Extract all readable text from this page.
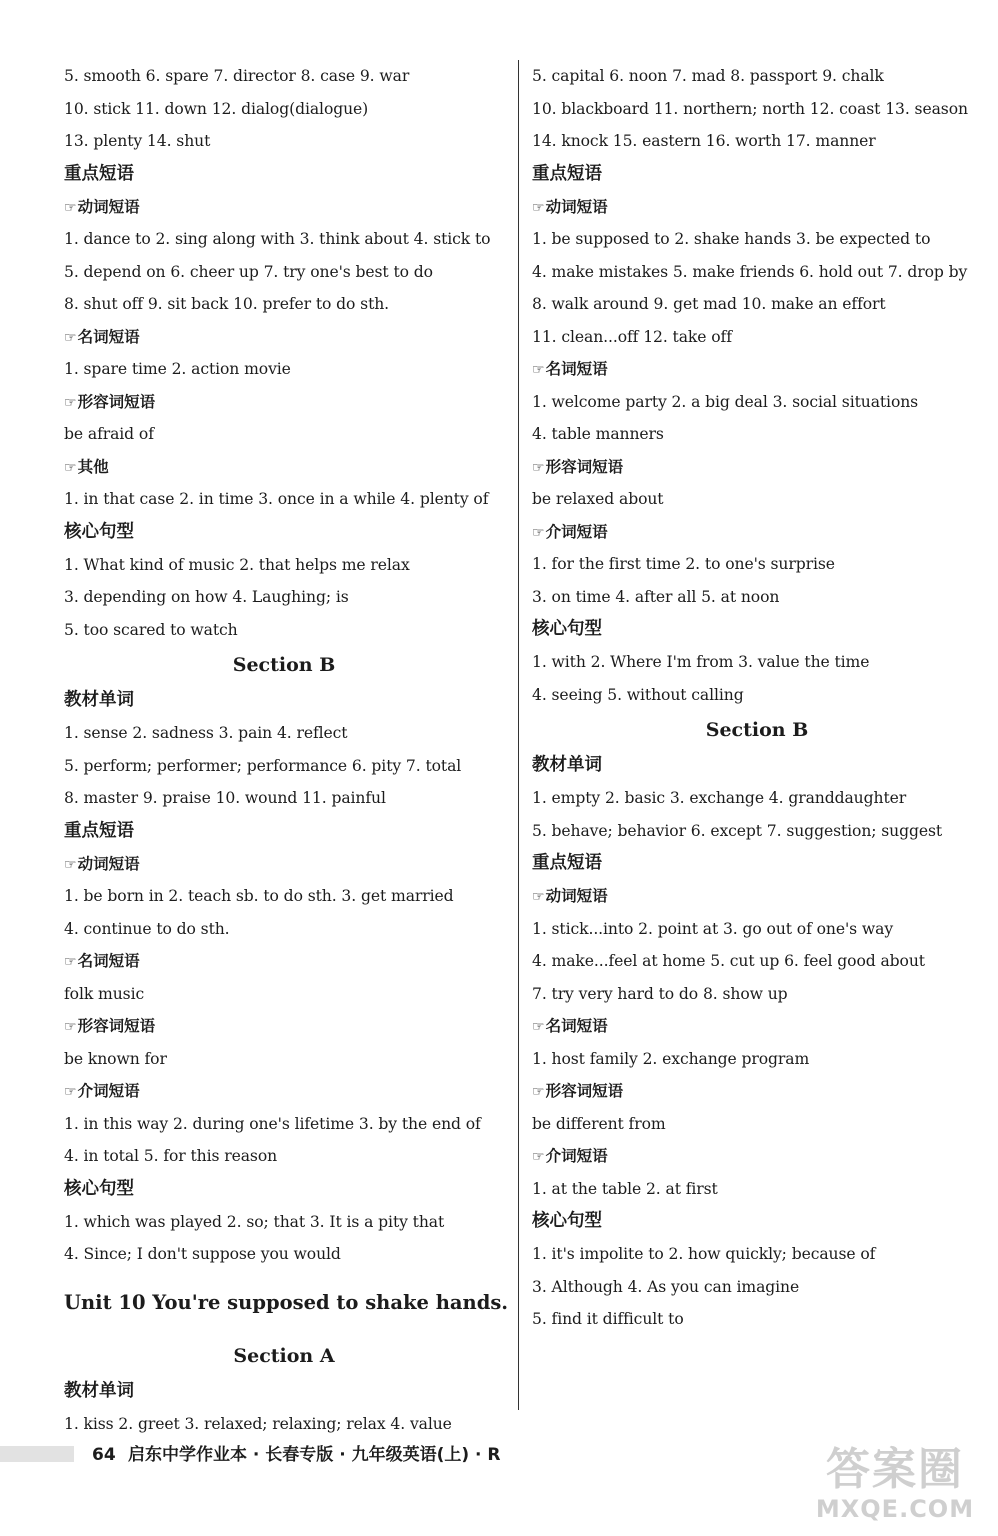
5. smooth 6. spare 7. director 8. case 9. war
10. stick 11. down 12. dialog(dialogue)
13. plenty 14. shut
重点短语
☞动词短语
1. dance to 2. sing along with 3. think about 4. stick to
5. depend on 6. cheer up 7. try one's best to do
8. shut off 9. sit back 10. prefer to do sth.
☞名词短语
1. spare time 2. action movie
☞形容词短语
be afraid of
☞其他
1. in that case 2. in time 3. once in a while 4. plenty of
核心句型
1. What kind of music 2. that helps me relax
3. depending on how 4. Laughing; is
5. too scared to watch
Section B
教材单词
1. sense 2. sadness 3. pain 4. reflect
5. perform; performer; performance 6. pity 7. total
8. master 9. praise 10. wound 11. painful
重点短语
☞动词短语
1. be born in 2. teach sb. to do sth. 3. get married
4. continue to do sth.
☞名词短语
folk music
☞形容词短语
be known for
☞介词短语
1. in this way 2. during one's lifetime 3. by the end of
4. in total 5. for this reason
核心句型
1. which was played 2. so; that 3. It is a pity that
4. Since; I don't suppose you would
Unit 10 You're supposed to shake hands.
Section A
教材单词
1. kiss 2. greet 3. relaxed; relaxing; relax 4. value
5. capital 6. noon 7. mad 8. passport 9. chalk
10. blackboard 11. northern; north 12. coast 13. season
14. knock 15. eastern 16. worth 17. manner
重点短语
☞动词短语
1. be supposed to 2. shake hands 3. be expected to
4. make mistakes 5. make friends 6. hold out 7. drop by
8. walk around 9. get mad 10. make an effort
11. clean...off 12. take off
☞名词短语
1. welcome party 2. a big deal 3. social situations
4. table manners
☞形容词短语
be relaxed about
☞介词短语
1. for the first time 2. to one's surprise
3. on time 4. after all 5. at noon
核心句型
1. with 2. Where I'm from 3. value the time
4. seeing 5. without calling
Section B
教材单词
1. empty 2. basic 3. exchange 4. granddaughter
5. behave; behavior 6. except 7. suggestion; suggest
重点短语
☞动词短语
1. stick...into 2. point at 3. go out of one's way
4. make...feel at home 5. cut up 6. feel good about
7. try very hard to do 8. show up
☞名词短语
1. host family 2. exchange program
☞形容词短语
be different from
☞介词短语
1. at the table 2. at first
核心句型
1. it's impolite to 2. how quickly; because of
3. Although 4. As you can imagine
5. find it difficult to
64 启东中学作业本 · 长春专版 · 九年级英语(上) · R	答案圈
MXQE.COM
